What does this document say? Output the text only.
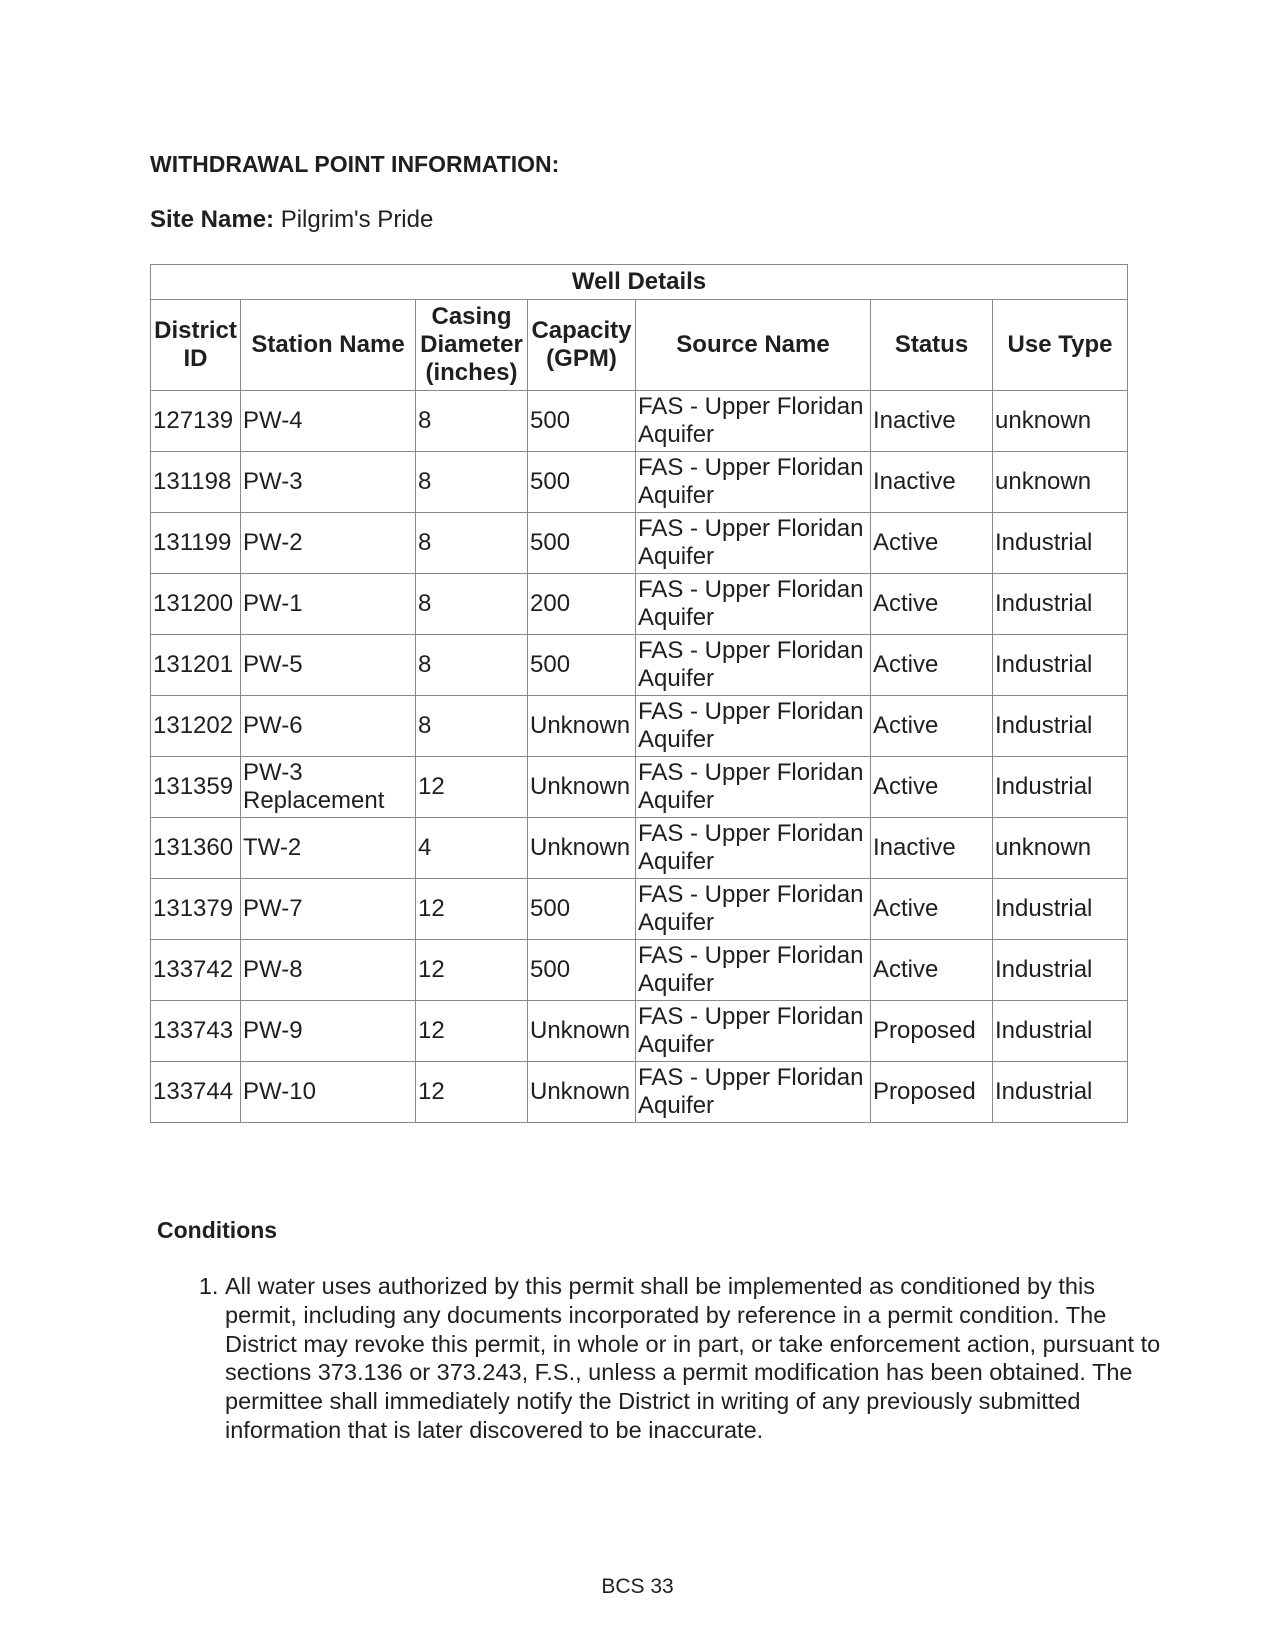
WITHDRAWAL POINT INFORMATION:
Site Name: Pilgrim's Pride
Well Details						
District ID	Station Name	Casing Diameter (inches)	Capacity (GPM)	Source Name	Status	Use Type
127139	PW-4	8	500	FAS - Upper Floridan Aquifer	Inactive	unknown
131198	PW-3	8	500	FAS - Upper Floridan Aquifer	Inactive	unknown
131199	PW-2	8	500	FAS - Upper Floridan Aquifer	Active	Industrial
131200	PW-1	8	200	FAS - Upper Floridan Aquifer	Active	Industrial
131201	PW-5	8	500	FAS - Upper Floridan Aquifer	Active	Industrial
131202	PW-6	8	Unknown	FAS - Upper Floridan Aquifer	Active	Industrial
131359	PW-3 Replacement	12	Unknown	FAS - Upper Floridan Aquifer	Active	Industrial
131360	TW-2	4	Unknown	FAS - Upper Floridan Aquifer	Inactive	unknown
131379	PW-7	12	500	FAS - Upper Floridan Aquifer	Active	Industrial
133742	PW-8	12	500	FAS - Upper Floridan Aquifer	Active	Industrial
133743	PW-9	12	Unknown	FAS - Upper Floridan Aquifer	Proposed	Industrial
133744	PW-10	12	Unknown	FAS - Upper Floridan Aquifer	Proposed	Industrial
Conditions
1. All water uses authorized by this permit shall be implemented as conditioned by this permit, including any documents incorporated by reference in a permit condition. The District may revoke this permit, in whole or in part, or take enforcement action, pursuant to sections 373.136 or 373.243, F.S., unless a permit modification has been obtained. The permittee shall immediately notify the District in writing of any previously submitted information that is later discovered to be inaccurate.
BCS 33
